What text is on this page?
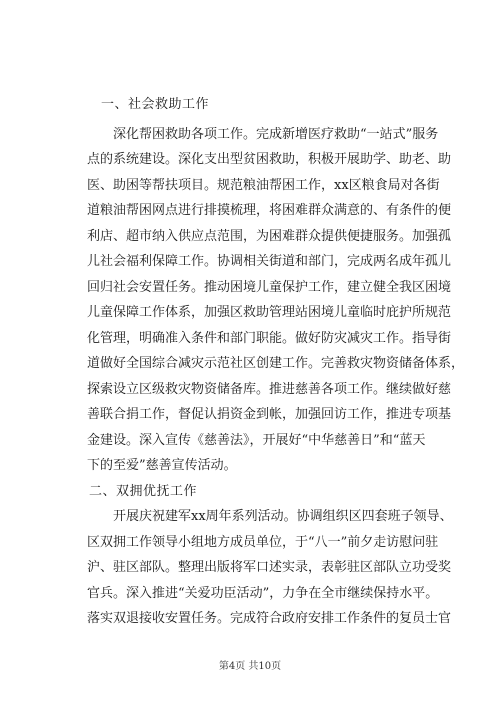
一、社会救助工作
深化帮困救助各项工作。完成新增医疗救助“一站式”服务
点的系统建设。深化支出型贫困救助，积极开展助学、助老、助
医、助困等帮扶项目。规范粮油帮困工作，xx区粮食局对各街
道粮油帮困网点进行排摸梳理，将困难群众满意的、有条件的便
利店、超市纳入供应点范围，为困难群众提供便捷服务。加强孤
儿社会福利保障工作。协调相关街道和部门，完成两名成年孤儿
回归社会安置任务。推动困境儿童保护工作，建立健全我区困境
儿童保障工作体系，加强区救助管理站困境儿童临时庇护所规范
化管理，明确准入条件和部门职能。做好防灾减灾工作。指导街
道做好全国综合减灾示范社区创建工作。完善救灾物资储备体系，
探索设立区级救灾物资储备库。推进慈善各项工作。继续做好慈
善联合捐工作，督促认捐资金到帐，加强回访工作，推进专项基
金建设。深入宣传《慈善法》，开展好“中华慈善日”和“蓝天
下的至爱”慈善宣传活动。
二、双拥优抚工作
开展庆祝建军xx周年系列活动。协调组织区四套班子领导、
区双拥工作领导小组地方成员单位，于“八一”前夕走访慰问驻
沪、驻区部队。整理出版将军口述实录，表彰驻区部队立功受奖
官兵。深入推进“关爱功臣活动”，力争在全市继续保持水平。
落实双退接收安置任务。完成符合政府安排工作条件的复员士官
第4页 共10页
